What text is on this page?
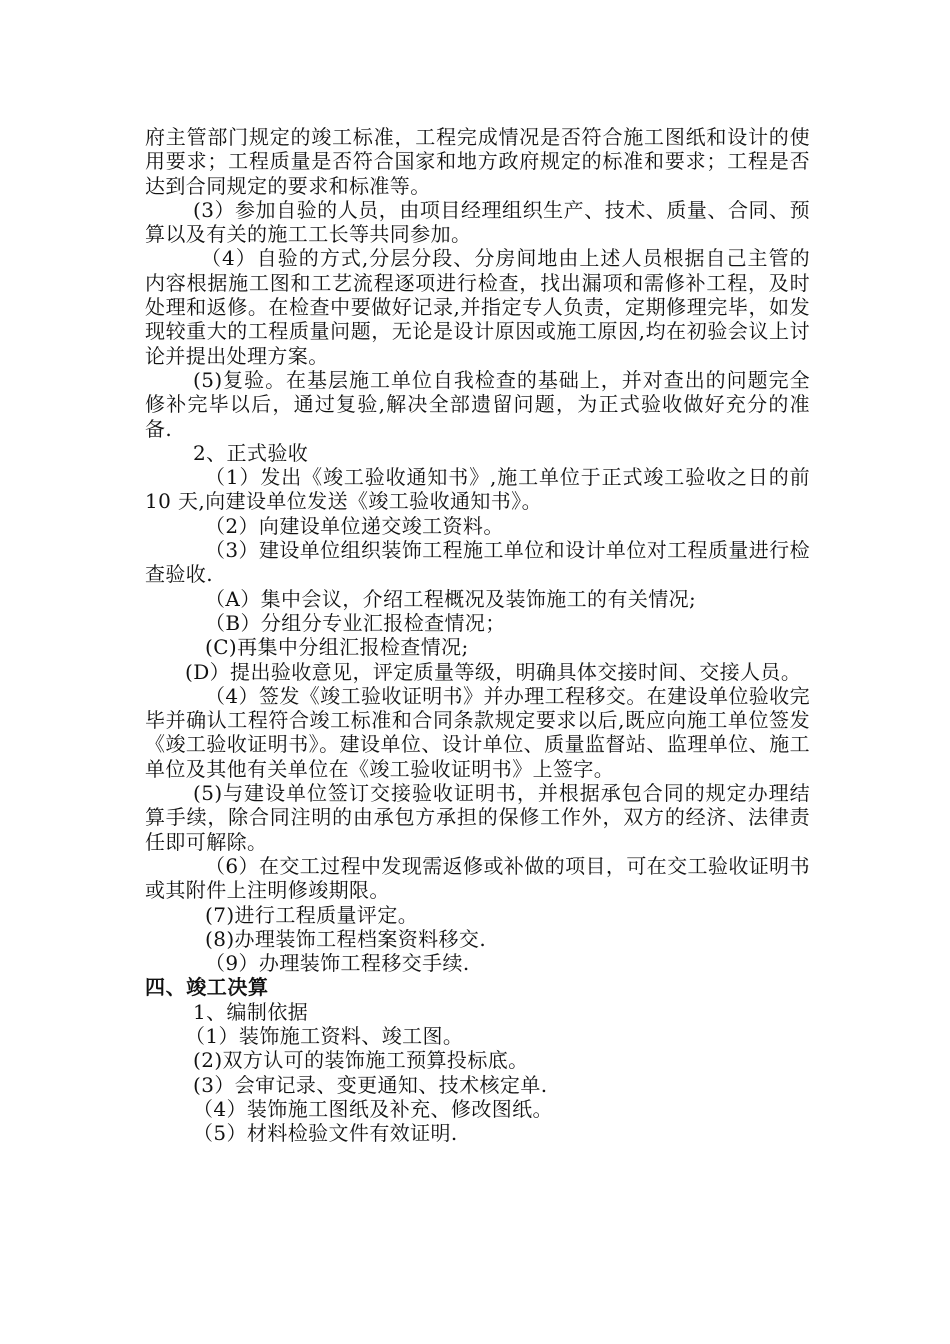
府主管部门规定的竣工标准，工程完成情况是否符合施工图纸和设计的使用要求；工程质量是否符合国家和地方政府规定的标准和要求；工程是否达到合同规定的要求和标准等。

(3）参加自验的人员，由项目经理组织生产、技术、质量、合同、预算以及有关的施工工长等共同参加。

（4）自验的方式,分层分段、分房间地由上述人员根据自己主管的内容根据施工图和工艺流程逐项进行检查，找出漏项和需修补工程，及时处理和返修。在检查中要做好记录,并指定专人负责，定期修理完毕，如发现较重大的工程质量问题，无论是设计原因或施工原因,均在初验会议上讨论并提出处理方案。

(5)复验。在基层施工单位自我检查的基础上，并对查出的问题完全修补完毕以后，通过复验,解决全部遗留问题，为正式验收做好充分的准备.

2、正式验收

（1）发出《竣工验收通知书》,施工单位于正式竣工验收之日的前 10 天,向建设单位发送《竣工验收通知书》。

（2）向建设单位递交竣工资料。

（3）建设单位组织装饰工程施工单位和设计单位对工程质量进行检查验收.

（A）集中会议，介绍工程概况及装饰施工的有关情况;

（B）分组分专业汇报检查情况；

(C)再集中分组汇报检查情况;

(D）提出验收意见，评定质量等级，明确具体交接时间、交接人员。

（4）签发《竣工验收证明书》并办理工程移交。在建设单位验收完毕并确认工程符合竣工标准和合同条款规定要求以后,既应向施工单位签发《竣工验收证明书》。建设单位、设计单位、质量监督站、监理单位、施工单位及其他有关单位在《竣工验收证明书》上签字。

(5)与建设单位签订交接验收证明书，并根据承包合同的规定办理结算手续，除合同注明的由承包方承担的保修工作外，双方的经济、法律责任即可解除。

（6）在交工过程中发现需返修或补做的项目，可在交工验收证明书或其附件上注明修竣期限。

(7)进行工程质量评定。

(8)办理装饰工程档案资料移交.

（9）办理装饰工程移交手续.

四、竣工决算

1、编制依据

（1）装饰施工资料、竣工图。

(2)双方认可的装饰施工预算投标底。

(3）会审记录、变更通知、技术核定单.

（4）装饰施工图纸及补充、修改图纸。

（5）材料检验文件有效证明.
